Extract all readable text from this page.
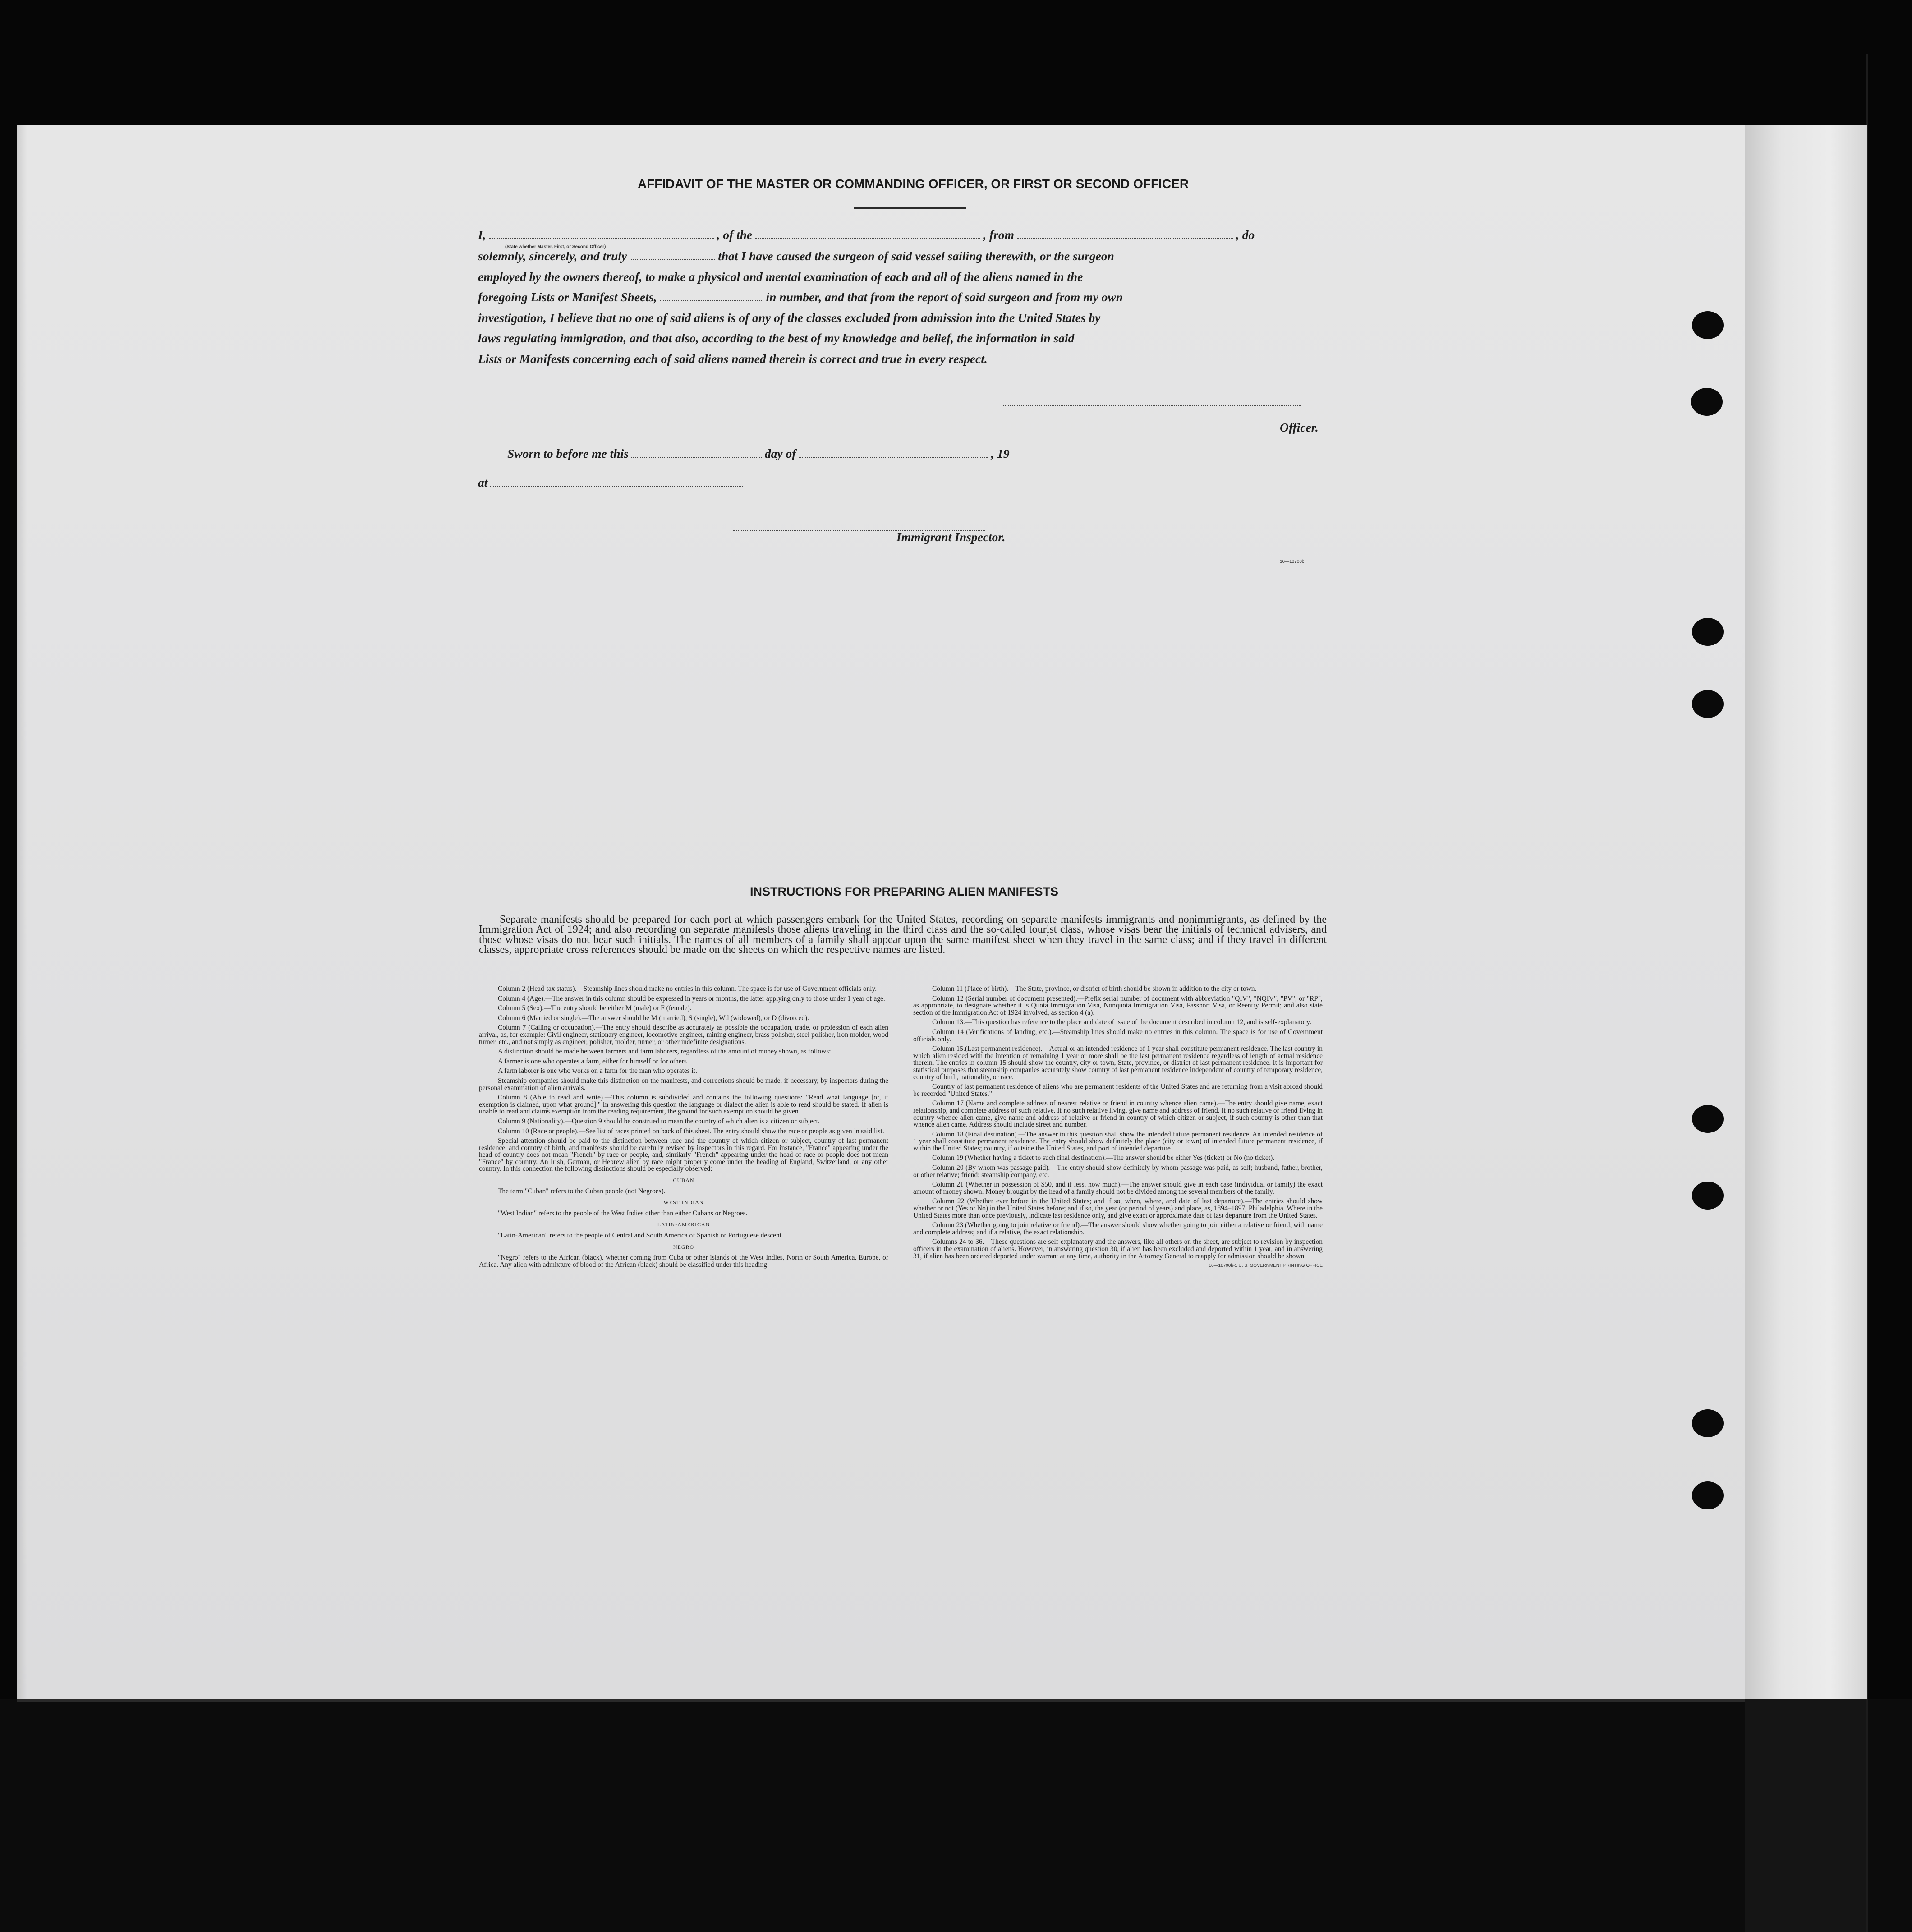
AFFIDAVIT OF THE MASTER OR COMMANDING OFFICER, OR FIRST OR SECOND OFFICER
I,	, of the	, from	, do
(State whether Master, First, or Second Officer)
solemnly, sincerely, and truly	that I have caused the surgeon of said vessel sailing therewith, or the surgeon
employed by the owners thereof, to make a physical and mental examination of each and all of the aliens named in the
foregoing Lists or Manifest Sheets,	in number, and that from the report of said surgeon and from my own
investigation, I believe that no one of said aliens is of any of the classes excluded from admission into the United States by
laws regulating immigration, and that also, according to the best of my knowledge and belief, the information in said
Lists or Manifests concerning each of said aliens named therein is correct and true in every respect.
Officer.
Sworn to before me this	day of	, 19
at
Immigrant Inspector.
16—18700b
INSTRUCTIONS FOR PREPARING ALIEN MANIFESTS
Separate manifests should be prepared for each port at which passengers embark for the United States, recording on separate manifests immigrants and nonimmigrants, as defined by the Immigration Act of 1924; and also recording on separate manifests those aliens traveling in the third class and the so-called tourist class, whose visas bear the initials of technical advisers, and those whose visas do not bear such initials. The names of all members of a family shall appear upon the same manifest sheet when they travel in the same class; and if they travel in different classes, appropriate cross references should be made on the sheets on which the respective names are listed.

Column 2 (Head-tax status).—Steamship lines should make no entries in this column. The space is for use of Government officials only.

Column 4 (Age).—The answer in this column should be expressed in years or months, the latter applying only to those under 1 year of age.

Column 5 (Sex).—The entry should be either M (male) or F (female).

Column 6 (Married or single).—The answer should be M (married), S (single), Wd (widowed), or D (divorced).

Column 7 (Calling or occupation).—The entry should describe as accurately as possible the occupation, trade, or profession of each alien arrival, as, for example: Civil engineer, stationary engineer, locomotive engineer, mining engineer, brass polisher, steel polisher, iron molder, wood turner, etc., and not simply as engineer, polisher, molder, turner, or other indefinite designations.

A distinction should be made between farmers and farm laborers, regardless of the amount of money shown, as follows:

A farmer is one who operates a farm, either for himself or for others.

A farm laborer is one who works on a farm for the man who operates it.

Steamship companies should make this distinction on the manifests, and corrections should be made, if necessary, by inspectors during the personal examination of alien arrivals.

Column 8 (Able to read and write).—This column is subdivided and contains the following questions: "Read what language [or, if exemption is claimed, upon what ground]." In answering this question the language or dialect the alien is able to read should be stated. If alien is unable to read and claims exemption from the reading requirement, the ground for such exemption should be given.

Column 9 (Nationality).—Question 9 should be construed to mean the country of which alien is a citizen or subject.

Column 10 (Race or people).—See list of races printed on back of this sheet. The entry should show the race or people as given in said list.

Special attention should be paid to the distinction between race and the country of which citizen or subject, country of last permanent residence, and country of birth, and manifests should be carefully revised by inspectors in this regard. For instance, "France" appearing under the head of country does not mean "French" by race or people, and, similarly "French" appearing under the head of race or people does not mean "France" by country. An Irish, German, or Hebrew alien by race might properly come under the heading of England, Switzerland, or any other country. In this connection the following distinctions should be especially observed:

CUBAN

The term "Cuban" refers to the Cuban people (not Negroes).

WEST INDIAN

"West Indian" refers to the people of the West Indies other than either Cubans or Negroes.

LATIN-AMERICAN

"Latin-American" refers to the people of Central and South America of Spanish or Portuguese descent.

NEGRO

"Negro" refers to the African (black), whether coming from Cuba or other islands of the West Indies, North or South America, Europe, or Africa. Any alien with admixture of blood of the African (black) should be classified under this heading.

Column 11 (Place of birth).—The State, province, or district of birth should be shown in addition to the city or town.

Column 12 (Serial number of document presented).—Prefix serial number of document with abbreviation "QIV", "NQIV", "PV", or "RP", as appropriate, to designate whether it is Quota Immigration Visa, Nonquota Immigration Visa, Passport Visa, or Reentry Permit; and also state section of the Immigration Act of 1924 involved, as section 4 (a).

Column 13.—This question has reference to the place and date of issue of the document described in column 12, and is self-explanatory.

Column 14 (Verifications of landing, etc.).—Steamship lines should make no entries in this column. The space is for use of Government officials only.

Column 15.(Last permanent residence).—Actual or an intended residence of 1 year shall constitute permanent residence. The last country in which alien resided with the intention of remaining 1 year or more shall be the last permanent residence regardless of length of actual residence therein. The entries in column 15 should show the country, city or town, State, province, or district of last permanent residence. It is important for statistical purposes that steamship companies accurately show country of last permanent residence independent of country of temporary residence, country of birth, nationality, or race.

Country of last permanent residence of aliens who are permanent residents of the United States and are returning from a visit abroad should be recorded "United States."

Column 17 (Name and complete address of nearest relative or friend in country whence alien came).—The entry should give name, exact relationship, and complete address of such relative. If no such relative living, give name and address of friend. If no such relative or friend living in country whence alien came, give name and address of relative or friend in country of which citizen or subject, if such country is other than that whence alien came. Address should include street and number.

Column 18 (Final destination).—The answer to this question shall show the intended future permanent residence. An intended residence of 1 year shall constitute permanent residence. The entry should show definitely the place (city or town) of intended future permanent residence, if within the United States; country, if outside the United States, and port of intended departure.

Column 19 (Whether having a ticket to such final destination).—The answer should be either Yes (ticket) or No (no ticket).

Column 20 (By whom was passage paid).—The entry should show definitely by whom passage was paid, as self; husband, father, brother, or other relative; friend; steamship company, etc.

Column 21 (Whether in possession of $50, and if less, how much).—The answer should give in each case (individual or family) the exact amount of money shown. Money brought by the head of a family should not be divided among the several members of the family.

Column 22 (Whether ever before in the United States; and if so, when, where, and date of last departure).—The entries should show whether or not (Yes or No) in the United States before; and if so, the year (or period of years) and place, as, 1894–1897, Philadelphia. Where in the United States more than once previously, indicate last residence only, and give exact or approximate date of last departure from the United States.

Column 23 (Whether going to join relative or friend).—The answer should show whether going to join either a relative or friend, with name and complete address; and if a relative, the exact relationship.

Columns 24 to 36.—These questions are self-explanatory and the answers, like all others on the sheet, are subject to revision by inspection officers in the examination of aliens. However, in answering question 30, if alien has been excluded and deported within 1 year, and in answering 31, if alien has been ordered deported under warrant at any time, authority in the Attorney General to reapply for admission should be shown.

16—18700b-1 U. S. GOVERNMENT PRINTING OFFICE
